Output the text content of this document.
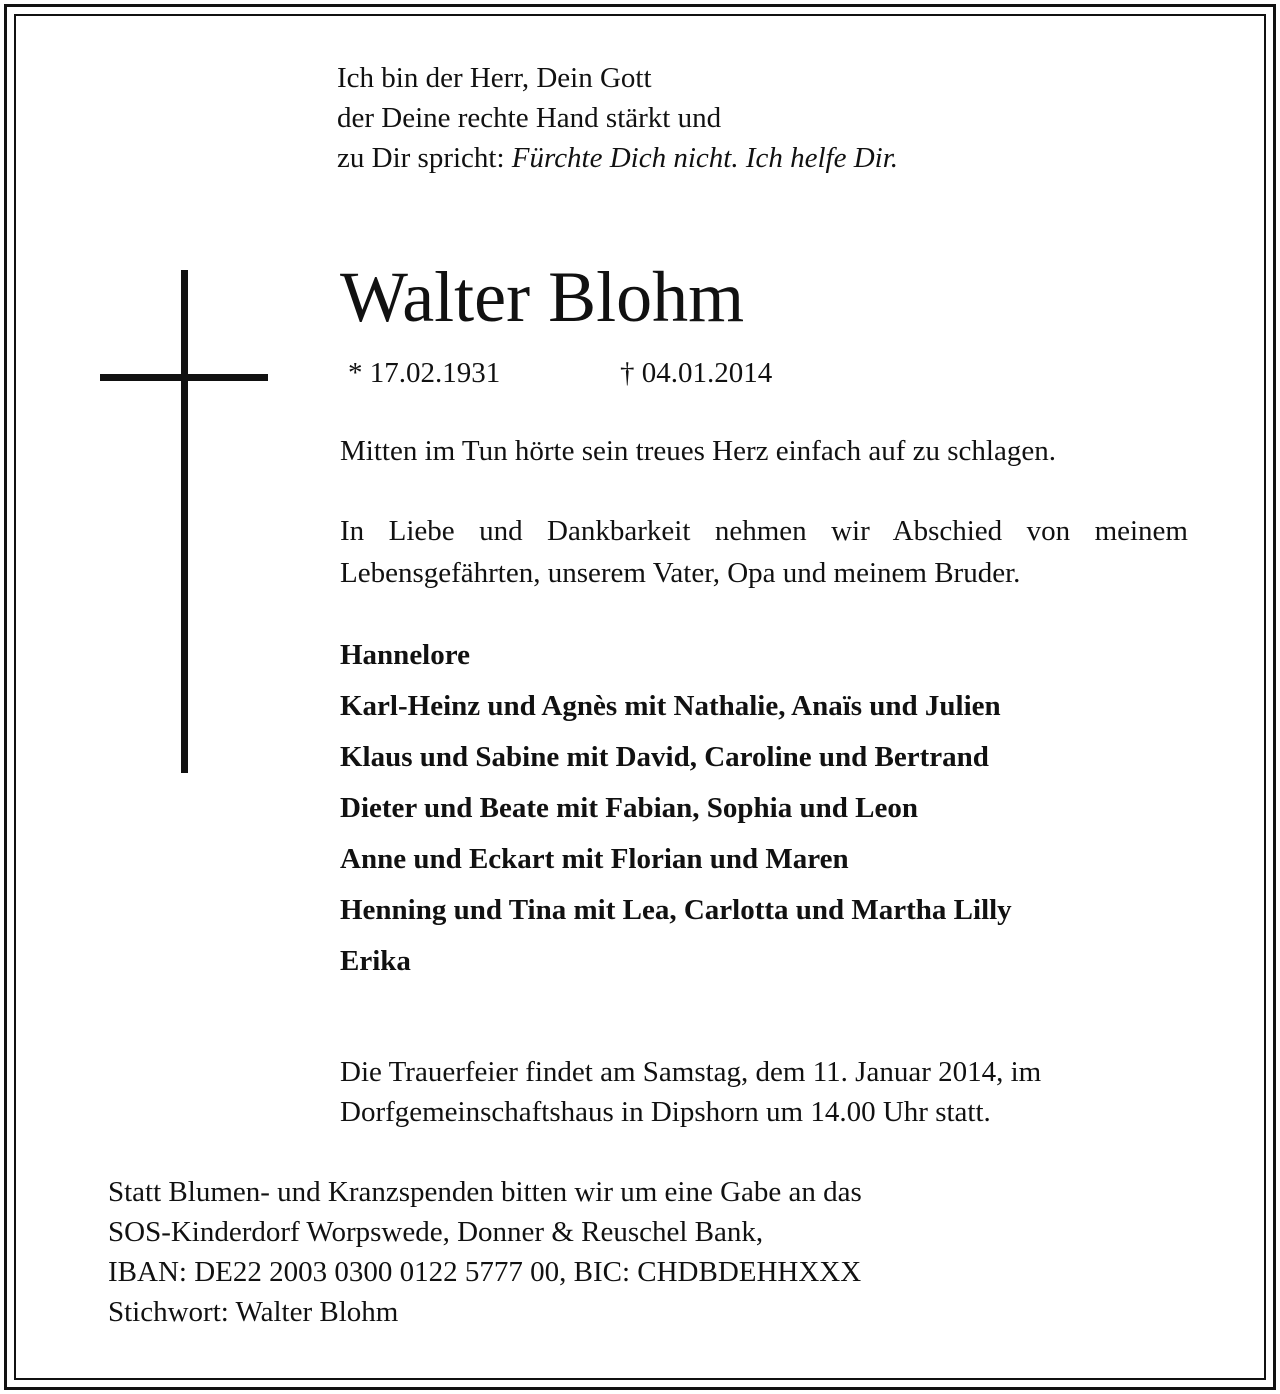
Ich bin der Herr, Dein Gott
der Deine rechte Hand stärkt und
zu Dir spricht: Fürchte Dich nicht. Ich helfe Dir.
Walter Blohm
* 17.02.1931	† 04.01.2014
Mitten im Tun hörte sein treues Herz einfach auf zu schlagen.
In Liebe und Dankbarkeit nehmen wir Abschied von meinem
Lebensgefährten, unserem Vater, Opa und meinem Bruder.
Hannelore
Karl-Heinz und Agnès mit Nathalie, Anaïs und Julien
Klaus und Sabine mit David, Caroline und Bertrand
Dieter und Beate mit Fabian, Sophia und Leon
Anne und Eckart mit Florian und Maren
Henning und Tina mit Lea, Carlotta und Martha Lilly
Erika
Die Trauerfeier findet am Samstag, dem 11. Januar 2014, im
Dorfgemeinschaftshaus in Dipshorn um 14.00 Uhr statt.
Statt Blumen- und Kranzspenden bitten wir um eine Gabe an das
SOS-Kinderdorf Worpswede, Donner & Reuschel Bank,
IBAN: DE22 2003 0300 0122 5777 00, BIC: CHDBDEHHXXX
Stichwort: Walter Blohm
